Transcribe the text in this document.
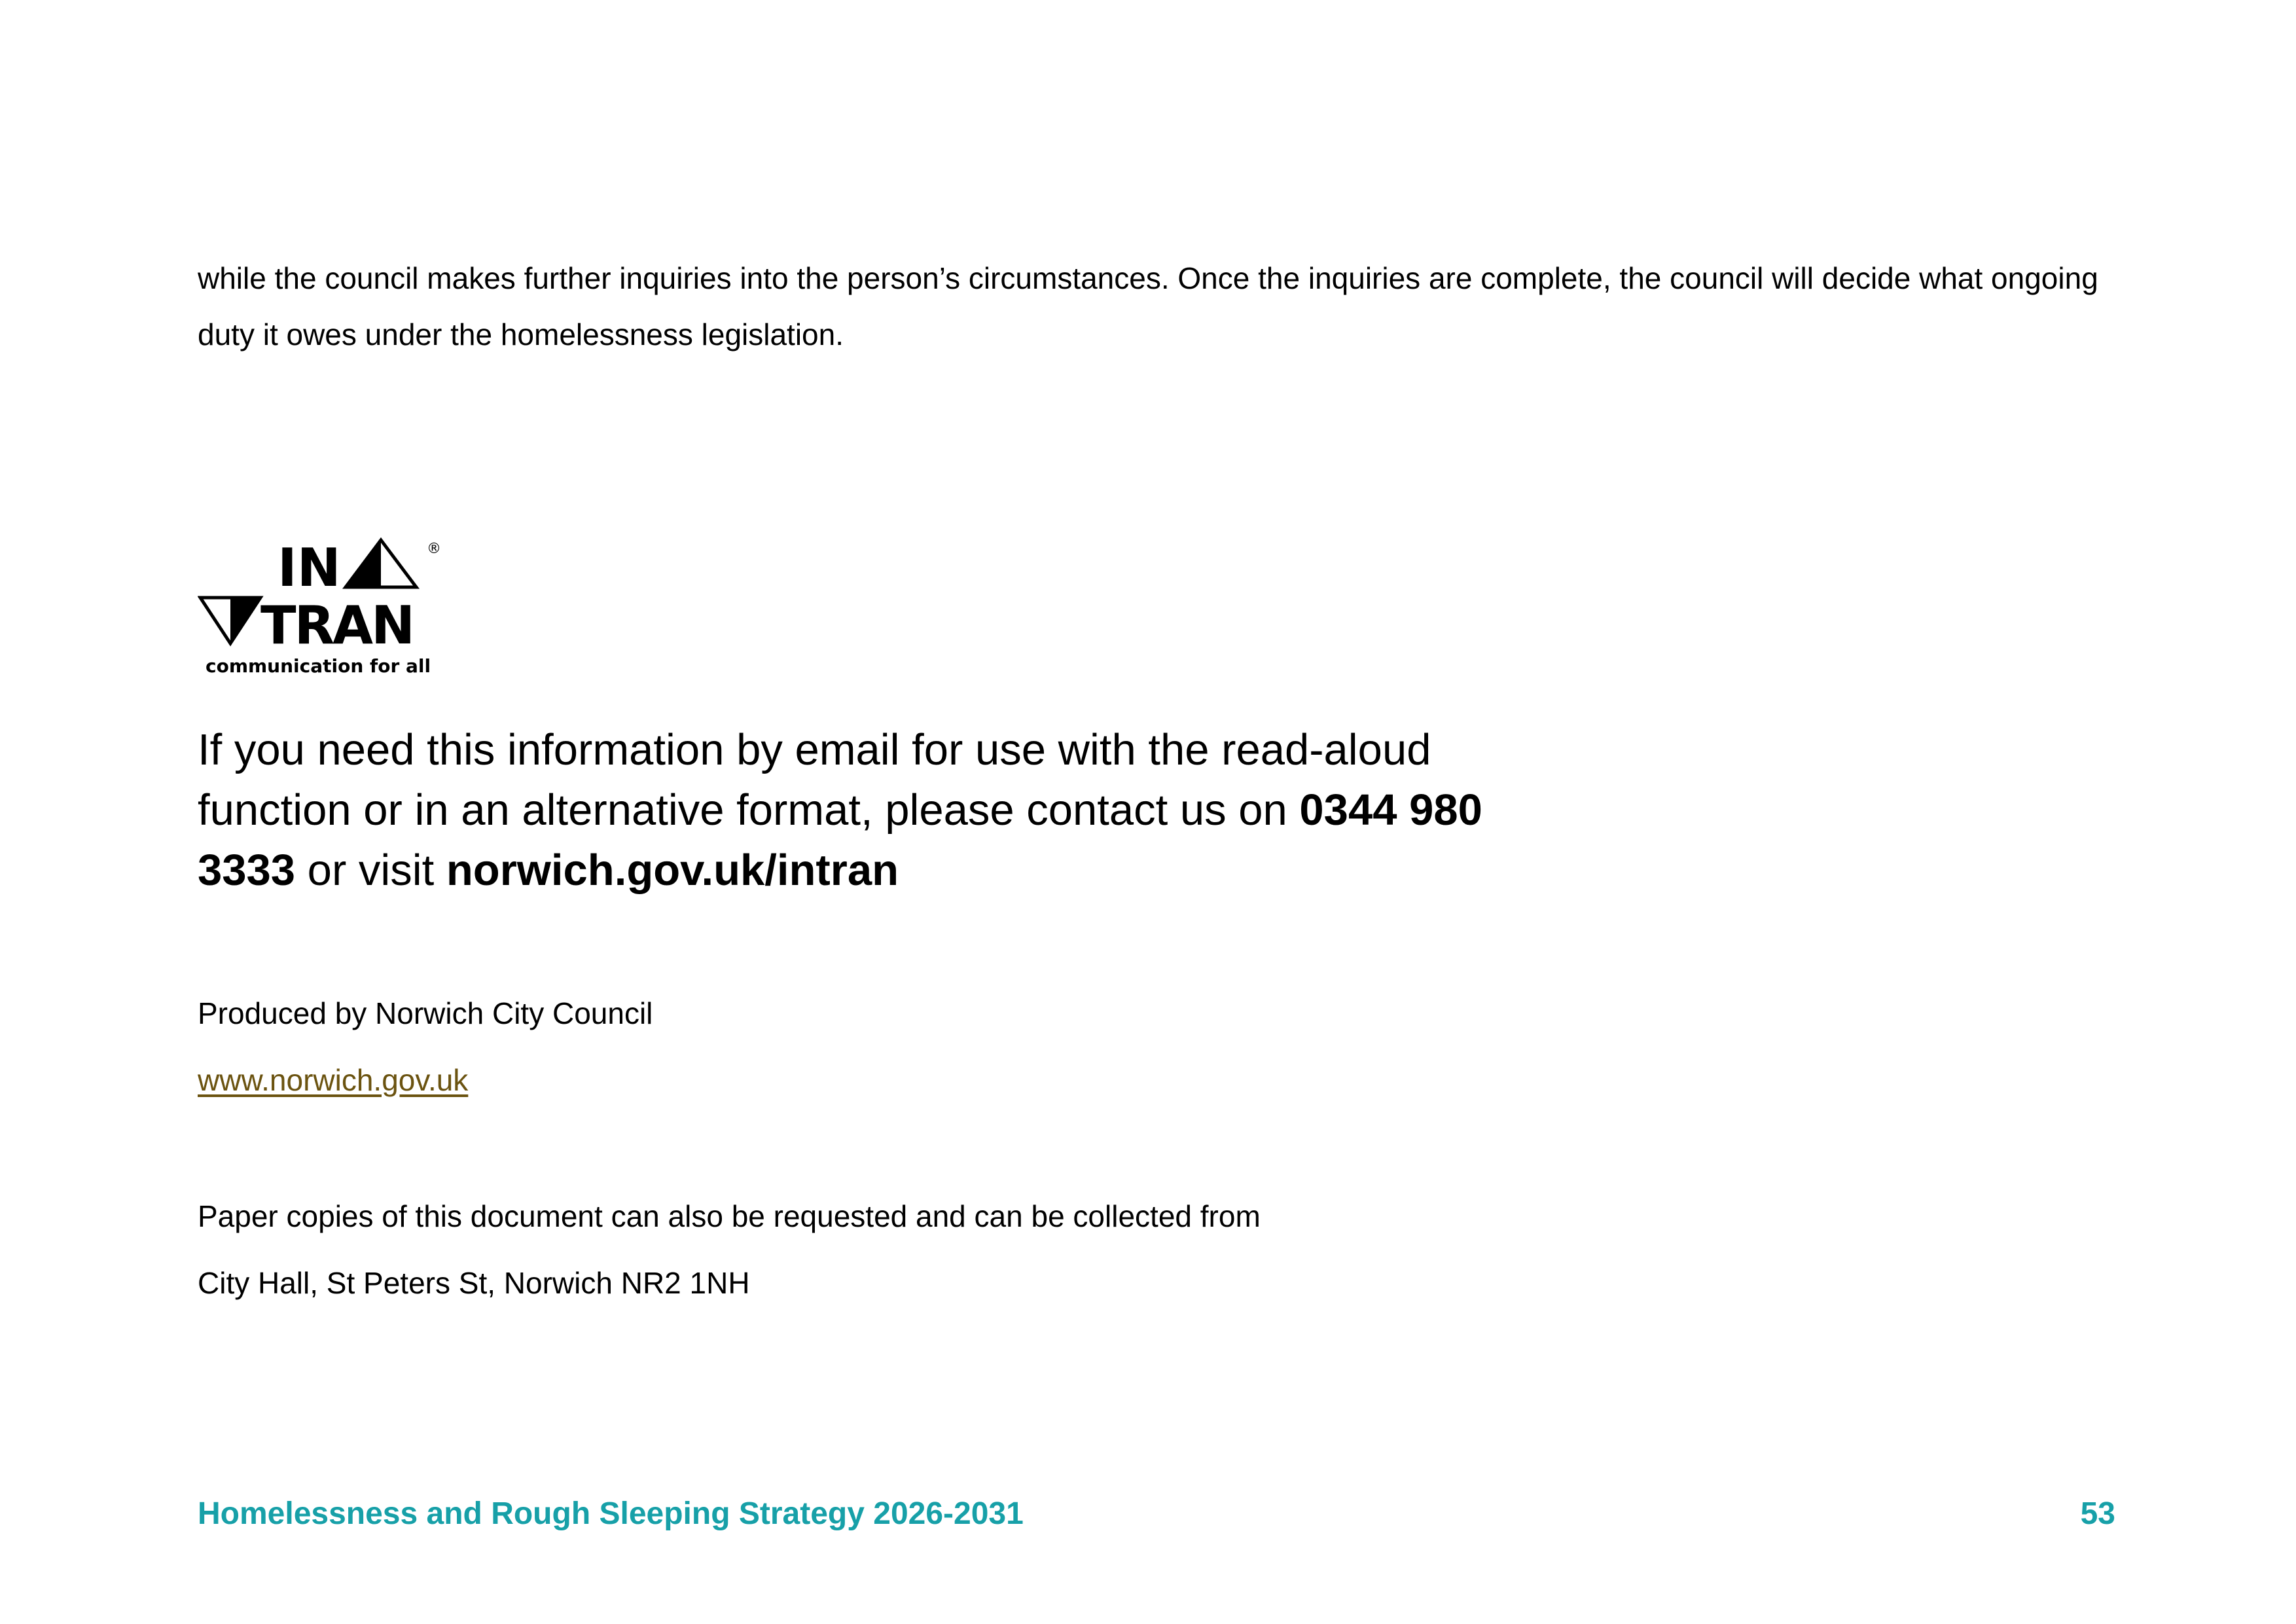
while the council makes further inquiries into the person’s circumstances. Once the inquiries are complete, the council will decide what ongoing duty it owes under the homelessness legislation.

IN	®
TRAN
communication for all

If you need this information by email for use with the read-aloud function or in an alternative format, please contact us on 0344 980 3333 or visit norwich.gov.uk/intran

Produced by Norwich City Council

www.norwich.gov.uk

Paper copies of this document can also be requested and can be collected from

City Hall, St Peters St, Norwich NR2 1NH

Homelessness and Rough Sleeping Strategy 2026-2031	53
